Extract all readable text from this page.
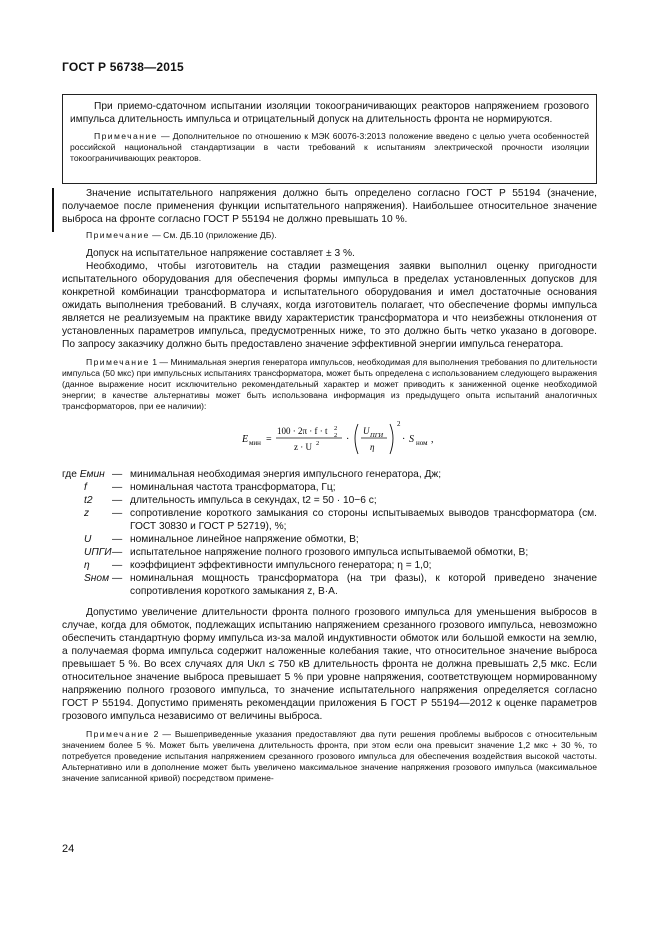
ГОСТ Р 56738—2015

При приемо-сдаточном испытании изоляции токоограничивающих реакторов напряжением грозового импульса длительность импульса и отрицательный допуск на длительность фронта не нормируются.

Примечание — Дополнительное по отношению к МЭК 60076-3:2013 положение введено с целью учета особенностей российской национальной стандартизации в части требований к испытаниям электрической прочности изоляции токоограничивающих реакторов.

Значение испытательного напряжения должно быть определено согласно ГОСТ Р 55194 (значение, получаемое после применения функции испытательного напряжения). Наибольшее относительное значение выброса на фронте согласно ГОСТ Р 55194 не должно превышать 10 %.

Примечание — См. ДБ.10 (приложение ДБ).

Допуск на испытательное напряжение составляет ± 3 %.

Необходимо, чтобы изготовитель на стадии размещения заявки выполнил оценку пригодности испытательного оборудования для обеспечения формы импульса в пределах установленных допусков для конкретной комбинации трансформатора и испытательного оборудования и имел достаточные основания ожидать выполнения требований. В случаях, когда изготовитель полагает, что обеспечение формы импульса является не реализуемым на практике ввиду характеристик трансформатора и что неизбежны отклонения от установленных параметров импульса, предусмотренных ниже, то это должно быть четко указано в договоре. По запросу заказчику должно быть предоставлено значение эффективной энергии импульса генератора.

Примечание 1 — Минимальная энергия генератора импульсов, необходимая для выполнения требования по длительности импульса (50 мкс) при импульсных испытаниях трансформатора, может быть определена с использованием следующего выражения (данное выражение носит исключительно рекомендательный характер и может приводить к заниженной оценке необходимой энергии; в качестве альтернативы может быть использована информация из предыдущего опыта испытаний аналогичных трансформаторов, при ее наличии):

E мин =
100 · 2π · f · t 2
2
z · U 2	·
U ПГИ
η
2
· S ном ,
где Eмин — минимальная необходимая энергия импульсного генератора, Дж;
f	— номинальная частота трансформатора, Гц;
t2	— длительность импульса в секундах, t2 = 50 · 10−6 с;
z	— сопротивление короткого замыкания со стороны испытываемых выводов трансформатора (см. ГОСТ 30830 и ГОСТ Р 52719), %;
U	— номинальное линейное напряжение обмотки, В;
UПГИ — испытательное напряжение полного грозового импульса испытываемой обмотки, В;
η	— коэффициент эффективности импульсного генератора; η = 1,0;
Sном — номинальная мощность трансформатора (на три фазы), к которой приведено значение сопротивления короткого замыкания z, В·А.

Допустимо увеличение длительности фронта полного грозового импульса для уменьшения выбросов в случае, когда для обмоток, подлежащих испытанию напряжением срезанного грозового импульса, невозможно обеспечить стандартную форму импульса из-за малой индуктивности обмоток или большой емкости на землю, а получаемая форма импульса содержит наложенные колебания такие, что относительное значение выброса превышает 5 %. Во всех случаях для Uкл ≤ 750 кВ длительность фронта не должна превышать 2,5 мкс. Если относительное значение выброса превышает 5 % при уровне напряжения, соответствующем нормированному напряжению полного грозового импульса, то значение испытательного напряжения определяется согласно ГОСТ Р 55194. Допустимо применять рекомендации приложения Б ГОСТ Р 55194—2012 к оценке параметров грозового импульса независимо от величины выброса.

Примечание 2 — Вышеприведенные указания предоставляют два пути решения проблемы выбросов с относительным значением более 5 %. Может быть увеличена длительность фронта, при этом если она превысит значение 1,2 мкс + 30 %, то потребуется проведение испытания напряжением срезанного грозового импульса для обеспечения воздействия высокой частоты. Альтернативно или в дополнение может быть увеличено максимальное значение напряжения грозового импульса (максимальное значение записанной кривой) посредством примене-

24
